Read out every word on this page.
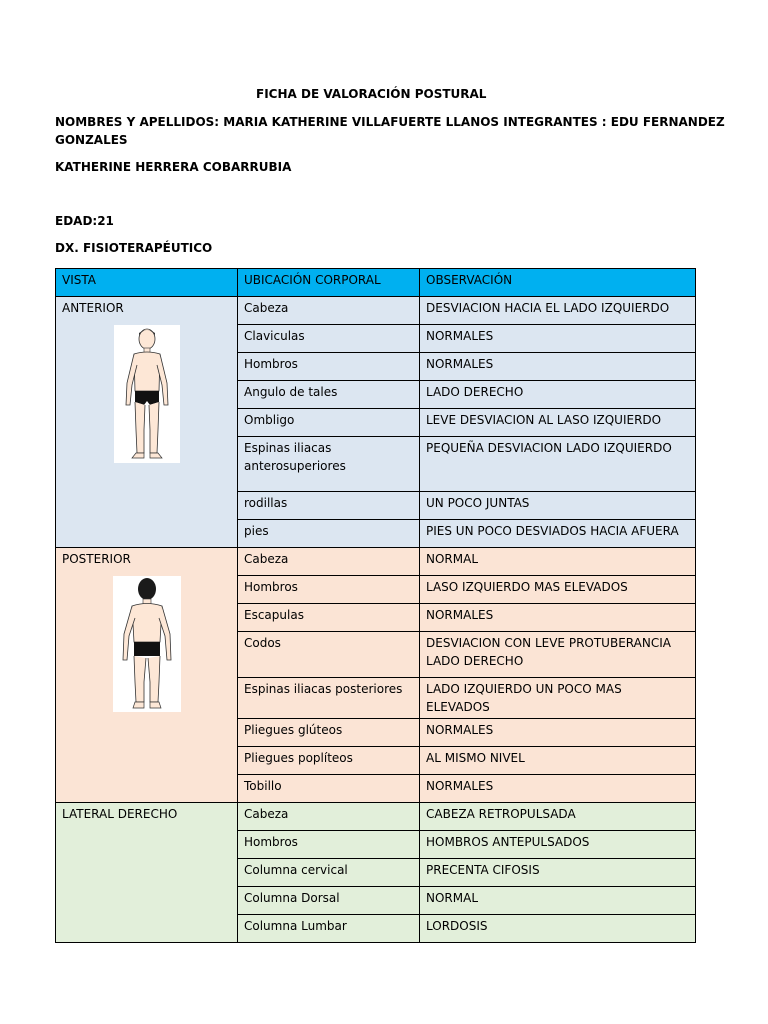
FICHA DE VALORACIÓN POSTURAL
NOMBRES Y APELLIDOS: MARIA KATHERINE VILLAFUERTE LLANOS INTEGRANTES : EDU FERNANDEZ
GONZALES
KATHERINE HERRERA COBARRUBIA
EDAD:21
DX. FISIOTERAPÉUTICO
VISTA	UBICACIÓN CORPORAL	OBSERVACIÓN

ANTERIOR	Cabeza	DESVIACION HACIA EL LADO IZQUIERDO
	Claviculas	NORMALES
	Hombros	NORMALES
	Angulo de tales	LADO DERECHO
	Ombligo	LEVE DESVIACION AL LASO IZQUIERDO
	Espinas iliacas anterosuperiores	PEQUEÑA DESVIACION LADO IZQUIERDO
	rodillas	UN POCO JUNTAS
	pies	PIES UN POCO DESVIADOS HACIA AFUERA

POSTERIOR	Cabeza	NORMAL
	Hombros	LASO IZQUIERDO MAS ELEVADOS
	Escapulas	NORMALES
	Codos	DESVIACION CON LEVE PROTUBERANCIA LADO DERECHO
	Espinas iliacas posteriores	LADO IZQUIERDO UN POCO MAS ELEVADOS
	Pliegues glúteos	NORMALES
	Pliegues poplíteos	AL MISMO NIVEL
	Tobillo	NORMALES

LATERAL DERECHO	Cabeza	CABEZA RETROPULSADA
	Hombros	HOMBROS ANTEPULSADOS
	Columna cervical	PRECENTA CIFOSIS
	Columna Dorsal	NORMAL
	Columna Lumbar	LORDOSIS
